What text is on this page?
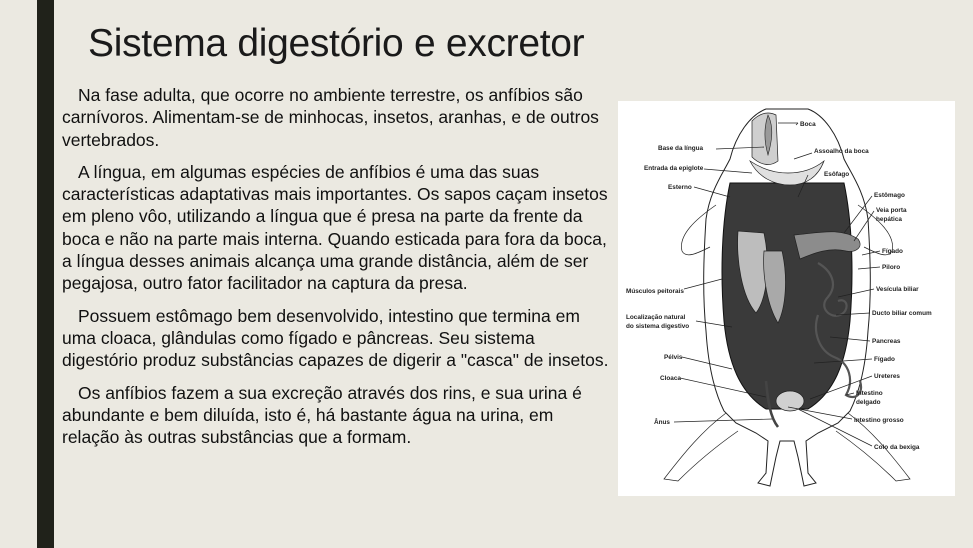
Sistema digestório e excretor

Na fase adulta, que ocorre no ambiente terrestre, os anfíbios são carnívoros. Alimentam-se de minhocas, insetos, aranhas, e de outros vertebrados.

A língua, em algumas espécies de anfíbios é uma das suas características adaptativas mais importantes. Os sapos caçam insetos em pleno vôo, utilizando a língua que é presa na parte da frente da boca e não na parte mais interna. Quando esticada para fora da boca, a língua desses animais alcança uma grande distância, além de ser pegajosa, outro fator facilitador na captura da presa.

Possuem estômago bem desenvolvido, intestino que termina em uma cloaca, glândulas como fígado e pâncreas. Seu sistema digestório produz substâncias capazes de digerir a "casca" de insetos.

Os anfíbios fazem a sua excreção através dos rins, e sua urina é abundante e bem diluída, isto é, há bastante água na urina, em relação às outras substâncias que a formam.

Boca
Base da língua	Assoalho da boca
Entrada da epiglote
Esôfago
Esterno
Estômago
Veia porta
hepática
Fígado
Piloro
Músculos peitorais	Vesícula biliar
Ducto biliar comum
Localização natural
do sistema digestivo
Pancreas
Pélvis	Fígado
Cloaca	Ureteres
Intestino
delgado
Ânus	Intestino grosso
Colo da bexiga
